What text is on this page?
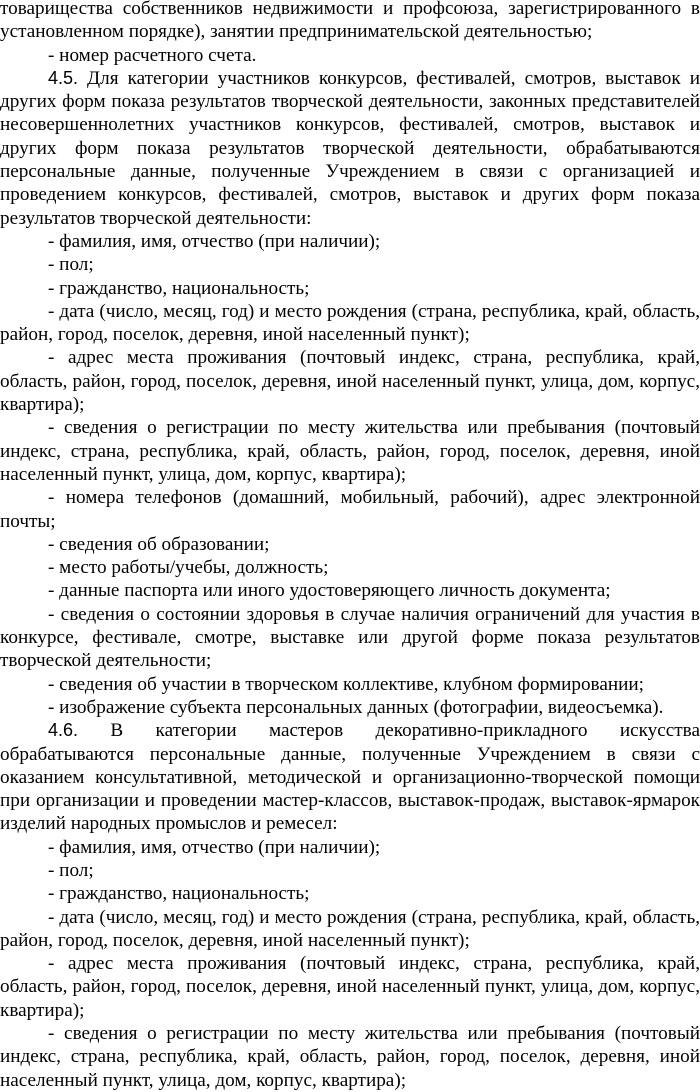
товарищества собственников недвижимости и профсоюза, зарегистрированного в установленном порядке), занятии предпринимательской деятельностью;

- номер расчетного счета.

4.5. Для категории участников конкурсов, фестивалей, смотров, выставок и других форм показа результатов творческой деятельности, законных представителей несовершеннолетних участников конкурсов, фестивалей, смотров, выставок и других форм показа результатов творческой деятельности, обрабатываются персональные данные, полученные Учреждением в связи с организацией и проведением конкурсов, фестивалей, смотров, выставок и других форм показа результатов творческой деятельности:

- фамилия, имя, отчество (при наличии);

- пол;

- гражданство, национальность;

- дата (число, месяц, год) и место рождения (страна, республика, край, область, район, город, поселок, деревня, иной населенный пункт);

- адрес места проживания (почтовый индекс, страна, республика, край, область, район, город, поселок, деревня, иной населенный пункт, улица, дом, корпус, квартира);

- сведения о регистрации по месту жительства или пребывания (почтовый индекс, страна, республика, край, область, район, город, поселок, деревня, иной населенный пункт, улица, дом, корпус, квартира);

- номера телефонов (домашний, мобильный, рабочий), адрес электронной почты;

- сведения об образовании;

- место работы/учебы, должность;

- данные паспорта или иного удостоверяющего личность документа;

- сведения о состоянии здоровья в случае наличия ограничений для участия в конкурсе, фестивале, смотре, выставке или другой форме показа результатов творческой деятельности;

- сведения об участии в творческом коллективе, клубном формировании;

- изображение субъекта персональных данных (фотографии, видеосъемка).

4.6. В категории мастеров декоративно-прикладного искусства обрабатываются персональные данные, полученные Учреждением в связи с оказанием консультативной, методической и организационно-творческой помощи при организации и проведении мастер-классов, выставок-продаж, выставок-ярмарок изделий народных промыслов и ремесел:

- фамилия, имя, отчество (при наличии);

- пол;

- гражданство, национальность;

- дата (число, месяц, год) и место рождения (страна, республика, край, область, район, город, поселок, деревня, иной населенный пункт);

- адрес места проживания (почтовый индекс, страна, республика, край, область, район, город, поселок, деревня, иной населенный пункт, улица, дом, корпус, квартира);

- сведения о регистрации по месту жительства или пребывания (почтовый индекс, страна, республика, край, область, район, город, поселок, деревня, иной населенный пункт, улица, дом, корпус, квартира);
